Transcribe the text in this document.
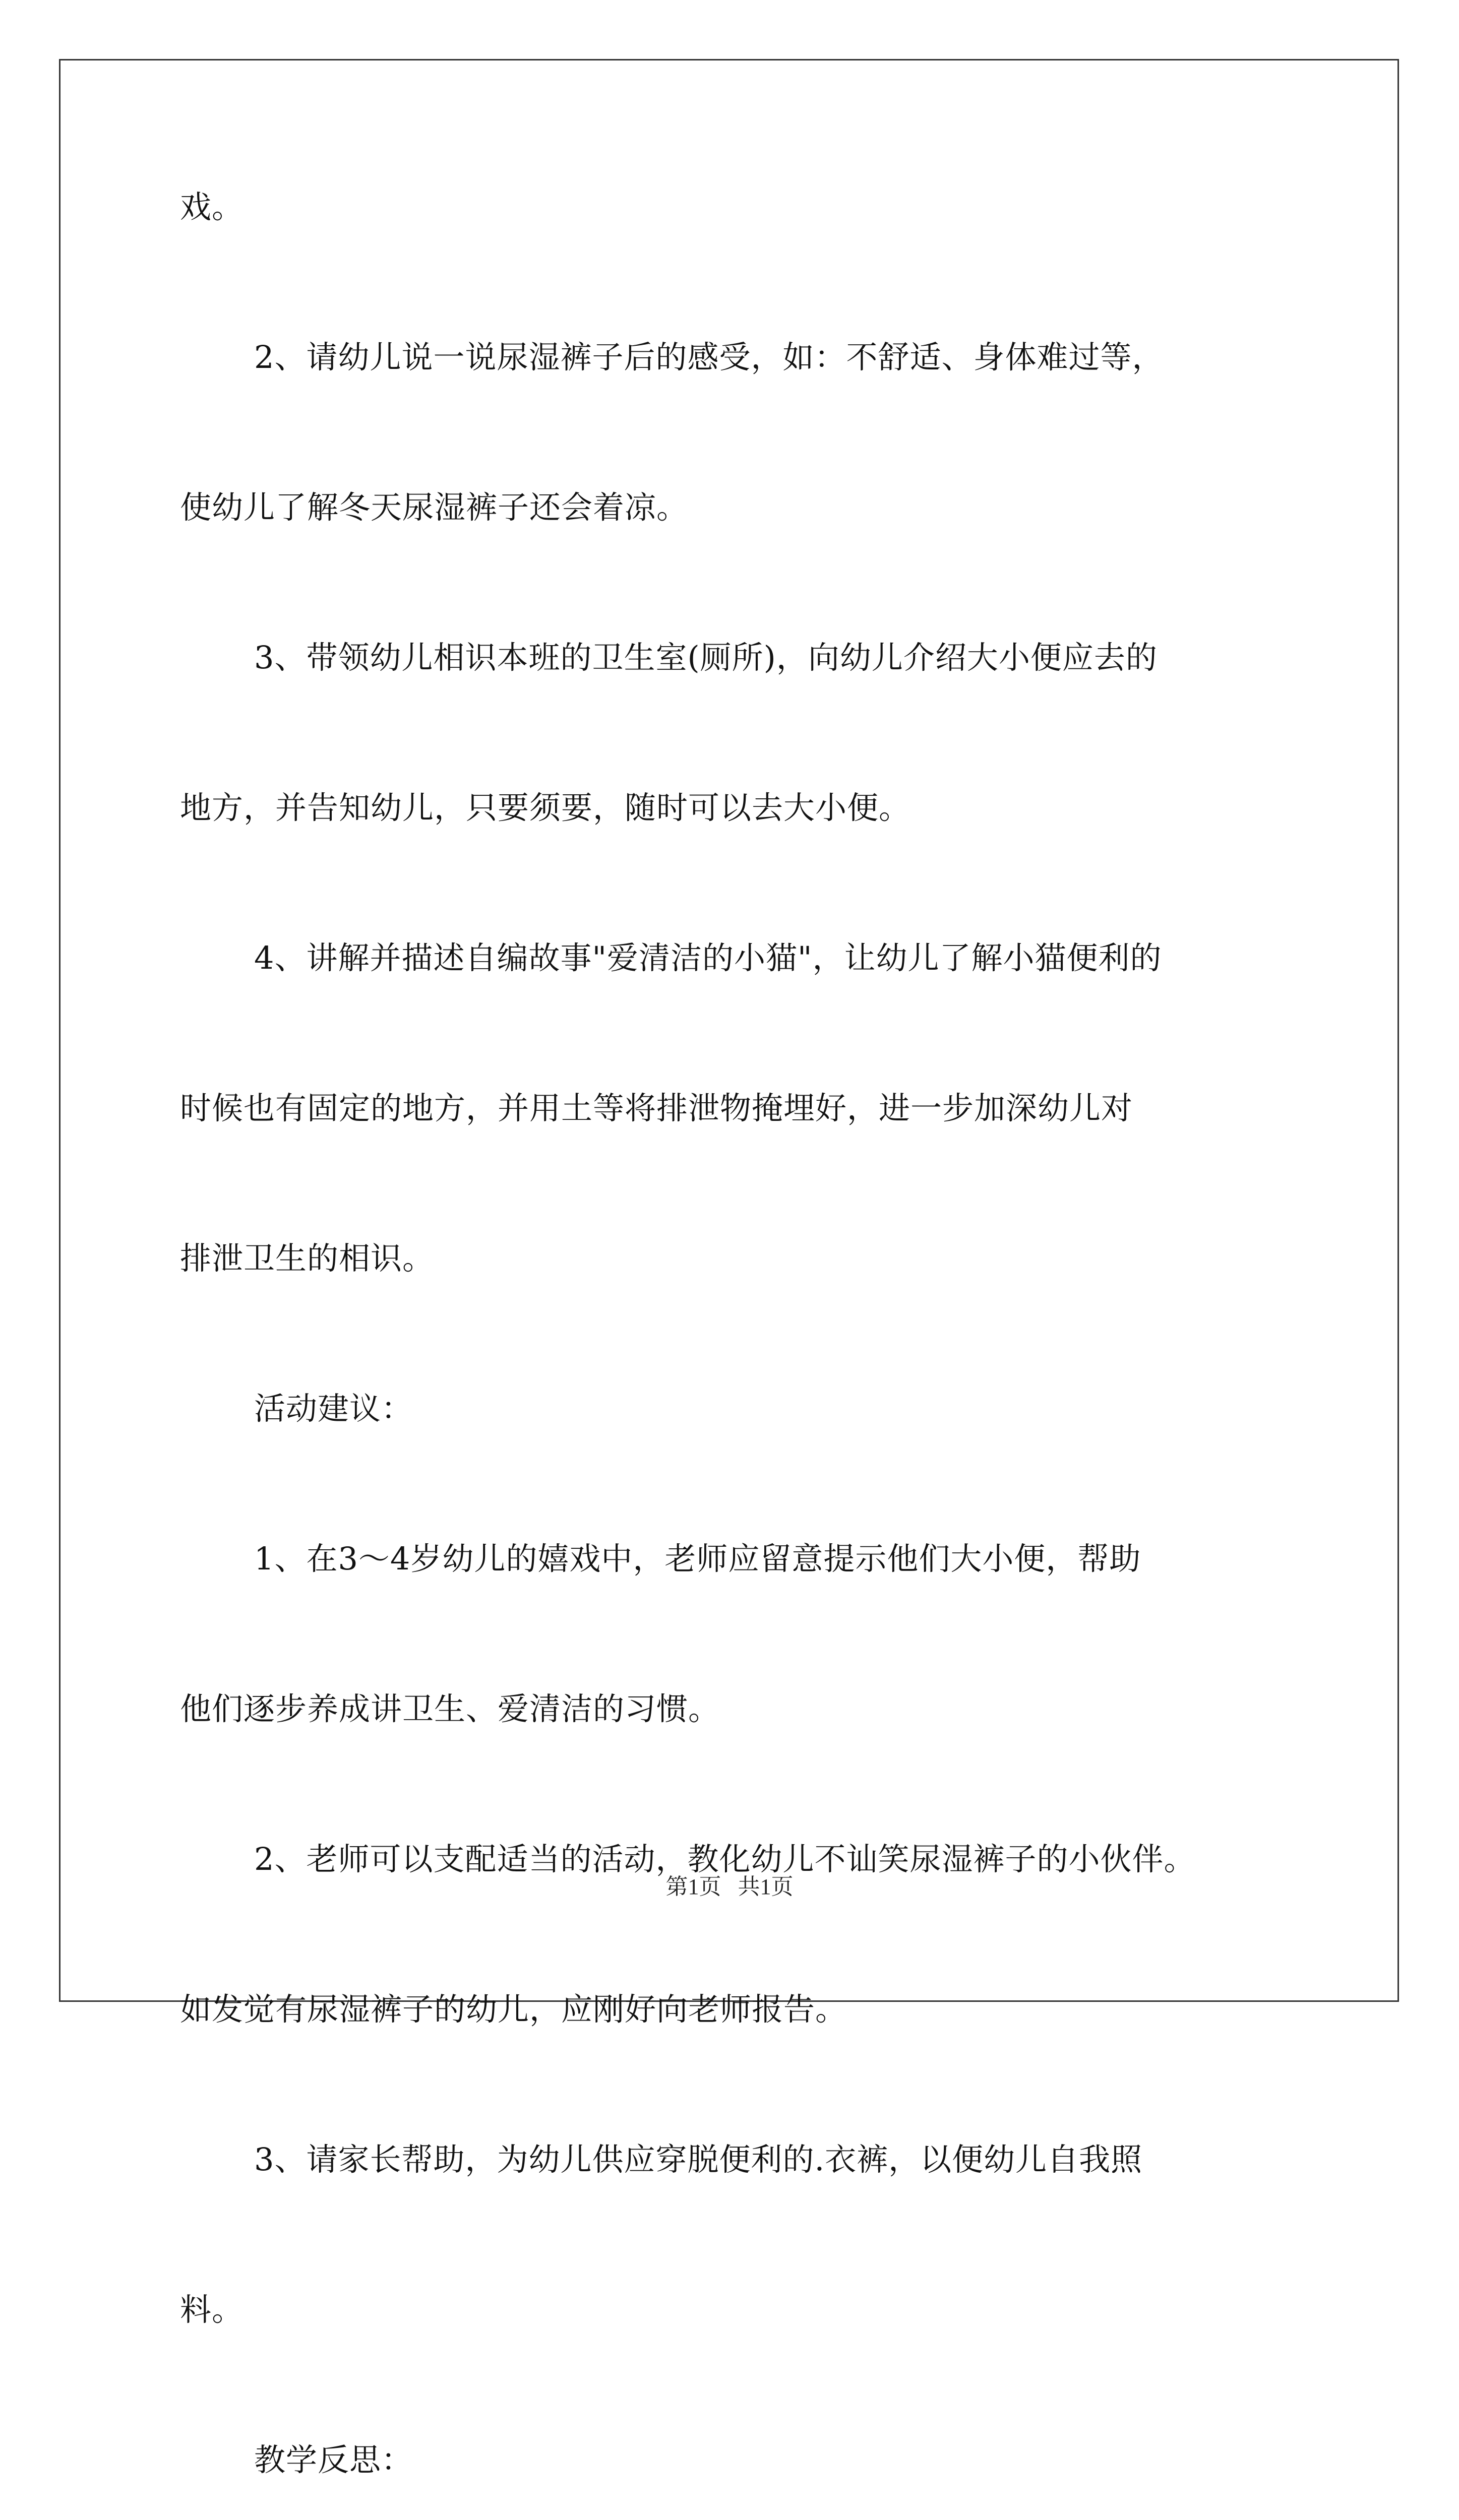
戏。

2、请幼儿说一说尿湿裤子后的感受，如：不舒适、身体难过等，

使幼儿了解冬天尿湿裤子还会着凉。

3、带领幼儿相识本班的卫生室(厕所)，向幼儿介绍大小便应去的

地方，并告知幼儿，只要须要，随时可以去大小便。

4、讲解并描述自编故事"爱清洁的小猫"，让幼儿了解小猫便利的

时候也有固定的地方，并用土等将排泄物掩埋好，进一步加深幼儿对

排泄卫生的相识。

活动建议：

1、在3～4岁幼儿的嬉戏中，老师应留意提示他们大小便，帮助

他们逐步养成讲卫生、爱清洁的习惯。

2、老师可以支配适当的活动，教化幼儿不讪笑尿湿裤子的小伙伴。

如发觉有尿湿裤子的幼儿，应刚好向老师报告。

3、请家长帮助，为幼儿供应穿脱便利的.衣裤，以便幼儿自我照

料。

教学反思：

第1页   共1页
